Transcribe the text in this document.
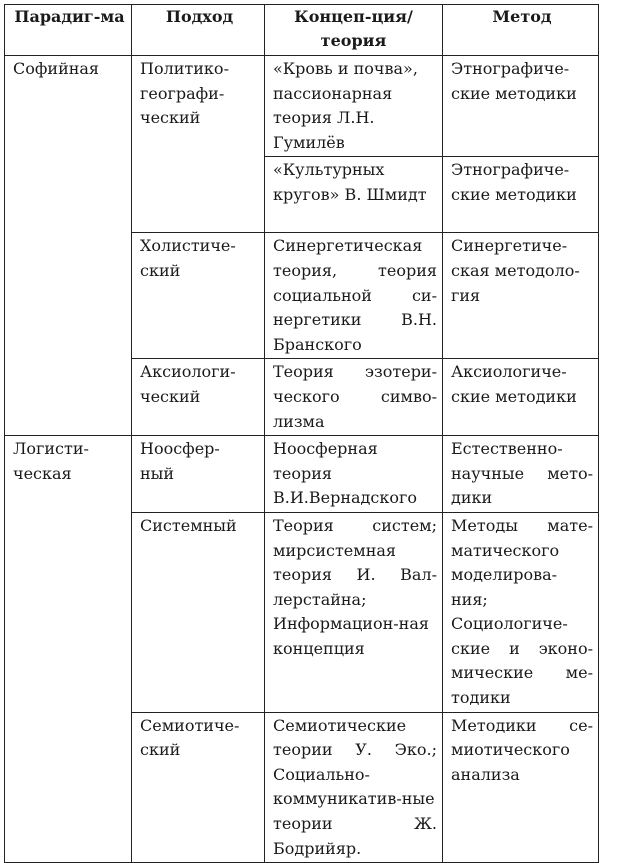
Парадиг-ма	Подход	Концеп-ция/теория	Метод
Софийная	Политико-географи-ческий	«Кровь и почва», пассионарная теория Л.Н. Гумилёв	Этнографиче-ские методики
		«Культурных кругов» В. Шмидт	Этнографиче-ские методики
	Холистиче-ский	Синергетическая теория, теория социальной си-нергетики В.Н. Бранского	Синергетиче-ская методоло-гия
	Аксиологи-ческий	Теория эзотери-ческого симво-лизма	Аксиологиче-ские методики
Логисти-ческая	Ноосфер-ный	Ноосферная теория В.И.Вернадского	Естественно-научные мето-дики
	Системный	Теория систем; мирсистемная теория И. Вал-лерстайна; Информацион-ная концепция	Методы мате-матического моделирова-ния; Социологиче-ские и эконо-мические ме-тодики
	Семиотиче-ский	Семиотические теории У. Эко.; Социально-коммуникатив-ные теории Ж. Бодрийяр.	Методики се-миотического анализа
